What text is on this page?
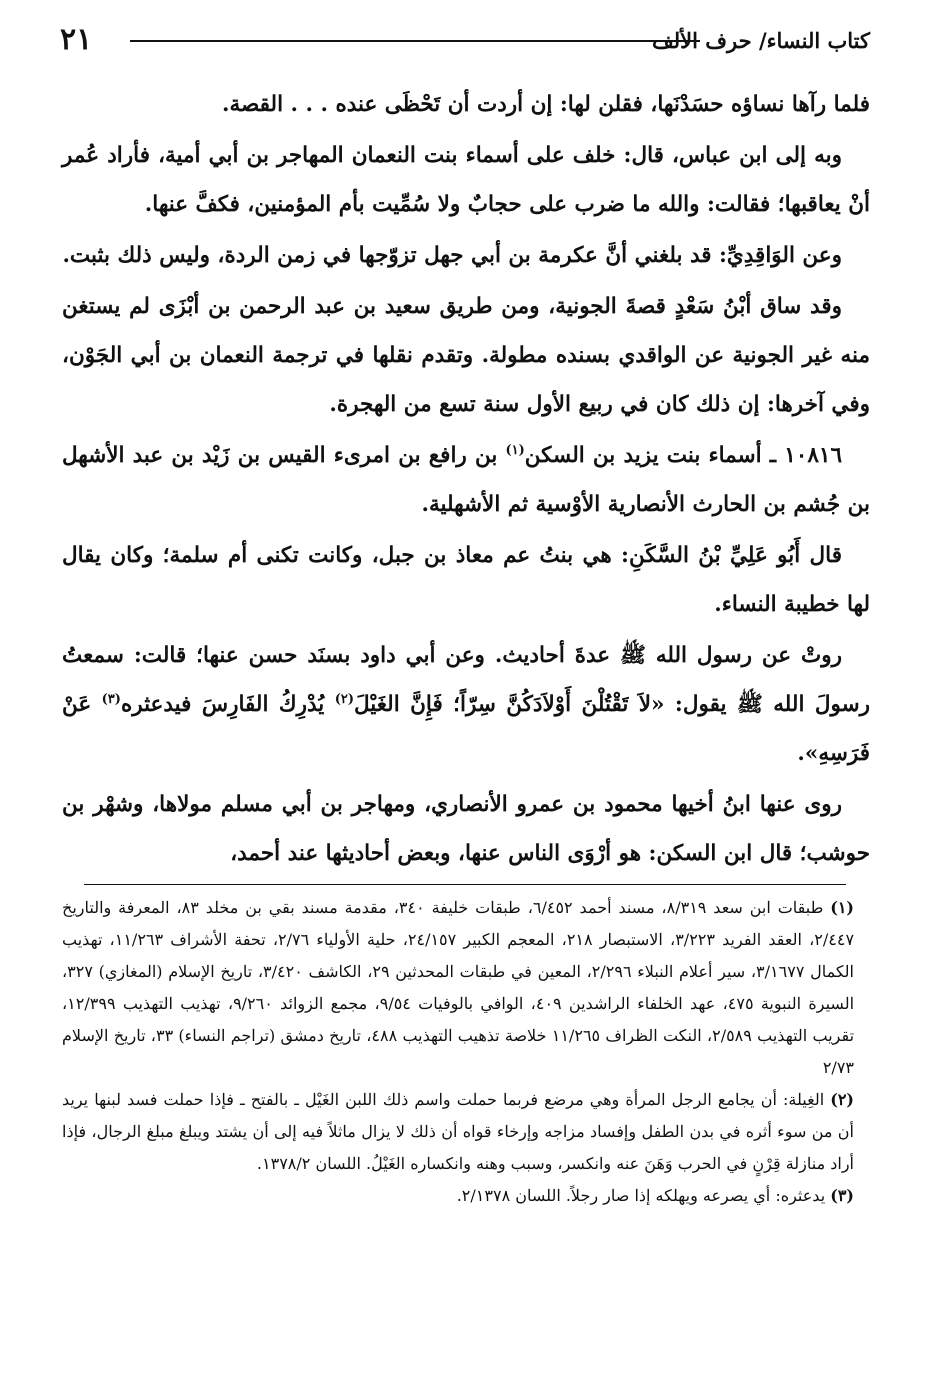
٢١	كتاب النساء/ حرف الألف

فلما رآها نساؤه حسَدْنَها، فقلن لها: إن أردت أن تَحْظَى عنده . . . القصة.

وبه إلى ابن عباس، قال: خلف على أسماء بنت النعمان المهاجر بن أبي أمية، فأراد عُمر أنْ يعاقبها؛ فقالت: والله ما ضرب على حجابٌ ولا سُمِّيت بأم المؤمنين، فكفَّ عنها.

وعن الوَاقِدِيِّ: قد بلغني أنَّ عكرمة بن أبي جهل تزوّجها في زمن الردة، وليس ذلك بثبت.

وقد ساق أبْنُ سَعْدٍ قصةَ الجونية، ومن طريق سعيد بن عبد الرحمن بن أبْزَى لم يستغن منه غير الجونية عن الواقدي بسنده مطولة. وتقدم نقلها في ترجمة النعمان بن أبي الجَوْن، وفي آخرها: إن ذلك كان في ربيع الأول سنة تسع من الهجرة.

١٠٨١٦ ـ أسماء بنت يزيد بن السكن$^{(١)}$ بن رافع بن امرىء القيس بن زَيْد بن عبد الأشهل بن جُشم بن الحارث الأنصارية الأوْسية ثم الأشهلية.

قال أَبُو عَلِيِّ بْنُ السَّكَنِ: هي بنتُ عم معاذ بن جبل، وكانت تكنى أم سلمة؛ وكان يقال لها خطيبة النساء.

روتْ عن رسول الله ﷺ عدةَ أحاديث. وعن أبي داود بسنَد حسن عنها؛ قالت: سمعتُ رسولَ الله ﷺ يقول: «لاَ تَقْتُلْنَ أَوْلاَدَكُنَّ سِرّاً؛ فَإِنَّ الغَيْلَ$^{(٢)}$ يُدْرِكُ الفَارِسَ فيدعثره$^{(٣)}$ عَنْ فَرَسِهِ».

روى عنها ابنُ أخيها محمود بن عمرو الأنصاري، ومهاجر بن أبي مسلم مولاها، وشهْر بن حوشب؛ قال ابن السكن: هو أرْوَى الناس عنها، وبعض أحاديثها عند أحمد،

(١) طبقات ابن سعد ٨/٣١٩، مسند أحمد ٦/٤٥٢، طبقات خليفة ٣٤٠، مقدمة مسند بقي بن مخلد ٨٣، المعرفة والتاريخ ٢/٤٤٧، العقد الفريد ٣/٢٢٣، الاستبصار ٢١٨، المعجم الكبير ٢٤/١٥٧، حلية الأولياء ٢/٧٦، تحفة الأشراف ١١/٢٦٣، تهذيب الكمال ٣/١٦٧٧، سير أعلام النبلاء ٢/٢٩٦، المعين في طبقات المحدثين ٢٩، الكاشف ٣/٤٢٠، تاريخ الإسلام (المغازي) ٣٢٧، السيرة النبوية ٤٧٥، عهد الخلفاء الراشدين ٤٠٩، الوافي بالوفيات ٩/٥٤، مجمع الزوائد ٩/٢٦٠، تهذيب التهذيب ١٢/٣٩٩، تقريب التهذيب ٢/٥٨٩، النكت الظراف ١١/٢٦٥ خلاصة تذهيب التهذيب ٤٨٨، تاريخ دمشق (تراجم النساء) ٣٣، تاريخ الإسلام ٢/٧٣

(٢) الغِيلة: أن يجامع الرجل المرأة وهي مرضع فربما حملت واسم ذلك اللبن الغَيْل ـ بالفتح ـ فإذا حملت فسد لبنها يريد أن من سوء أثره في بدن الطفل وإفساد مزاجه وإرخاء قواه أن ذلك لا يزال ماثلاً فيه إلى أن يشتد ويبلغ مبلغ الرجال، فإذا أراد منازلة قِرْنٍ في الحرب وَهَنَ عنه وانكسر، وسبب وهنه وانكساره الغَيْلُ. اللسان ١٣٧٨/٢.

(٣) يدعثره: أي يصرعه ويهلكه إذا صار رجلاً. اللسان ٢/١٣٧٨.
